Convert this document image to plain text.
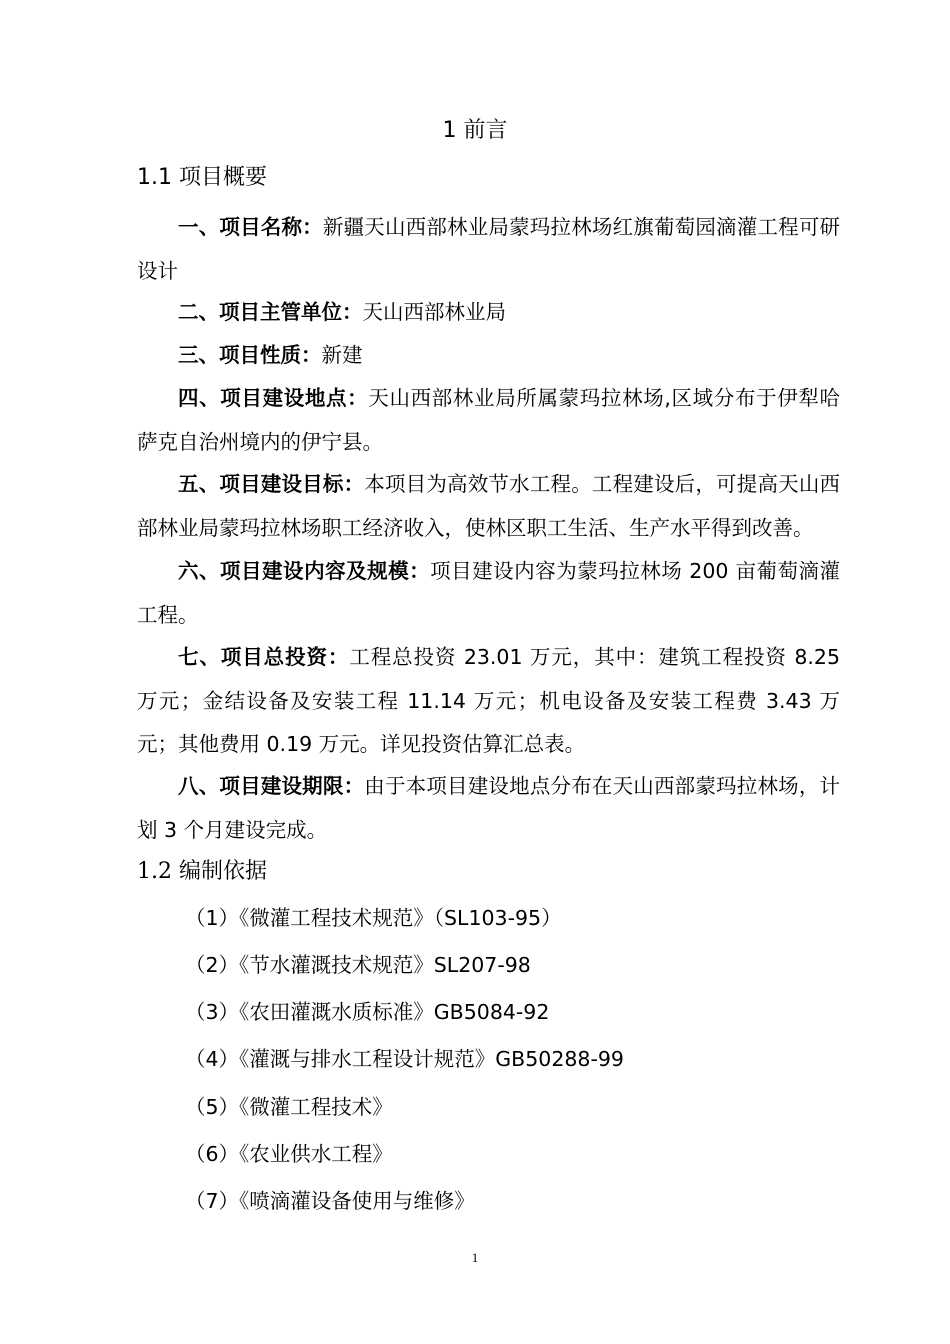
1 前言
1.1 项目概要

一、项目名称：新疆天山西部林业局蒙玛拉林场红旗葡萄园滴灌工程可研设计

二、项目主管单位：天山西部林业局

三、项目性质：新建

四、项目建设地点：天山西部林业局所属蒙玛拉林场,区域分布于伊犁哈萨克自治州境内的伊宁县。

五、项目建设目标：本项目为高效节水工程。工程建设后，可提高天山西部林业局蒙玛拉林场职工经济收入，使林区职工生活、生产水平得到改善。

六、项目建设内容及规模：项目建设内容为蒙玛拉林场 200 亩葡萄滴灌工程。

七、项目总投资：工程总投资 23.01 万元，其中：建筑工程投资 8.25 万元；金结设备及安装工程 11.14 万元；机电设备及安装工程费 3.43 万元；其他费用 0.19 万元。详见投资估算汇总表。

八、项目建设期限：由于本项目建设地点分布在天山西部蒙玛拉林场，计划 3 个月建设完成。

1.2 编制依据
（1）《微灌工程技术规范》（SL103-95）
（2）《节水灌溉技术规范》SL207-98
（3）《农田灌溉水质标准》GB5084-92
（4）《灌溉与排水工程设计规范》GB50288-99
（5）《微灌工程技术》
（6）《农业供水工程》
（7）《喷滴灌设备使用与维修》
1
